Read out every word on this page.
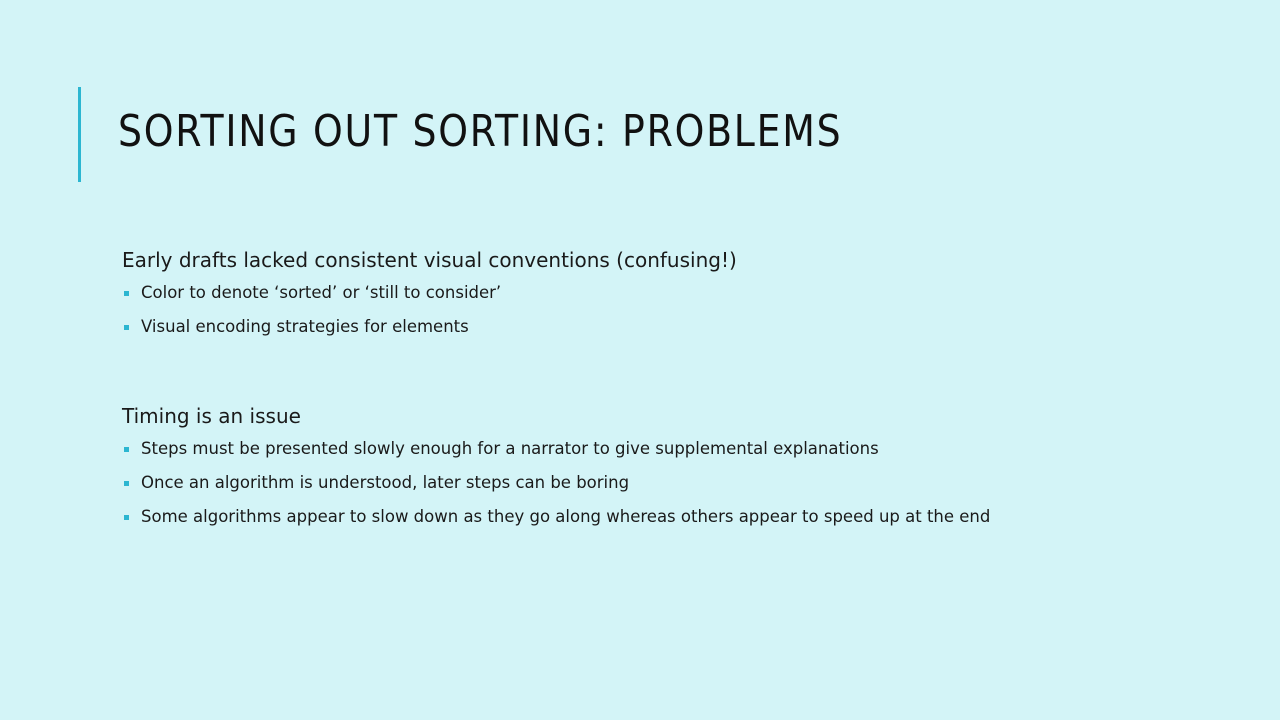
SORTING OUT SORTING: PROBLEMS
Early drafts lacked consistent visual conventions (confusing!)
Color to denote ‘sorted’ or ‘still to consider’
Visual encoding strategies for elements
Timing is an issue
Steps must be presented slowly enough for a narrator to give supplemental explanations
Once an algorithm is understood, later steps can be boring
Some algorithms appear to slow down as they go along whereas others appear to speed up at the end
